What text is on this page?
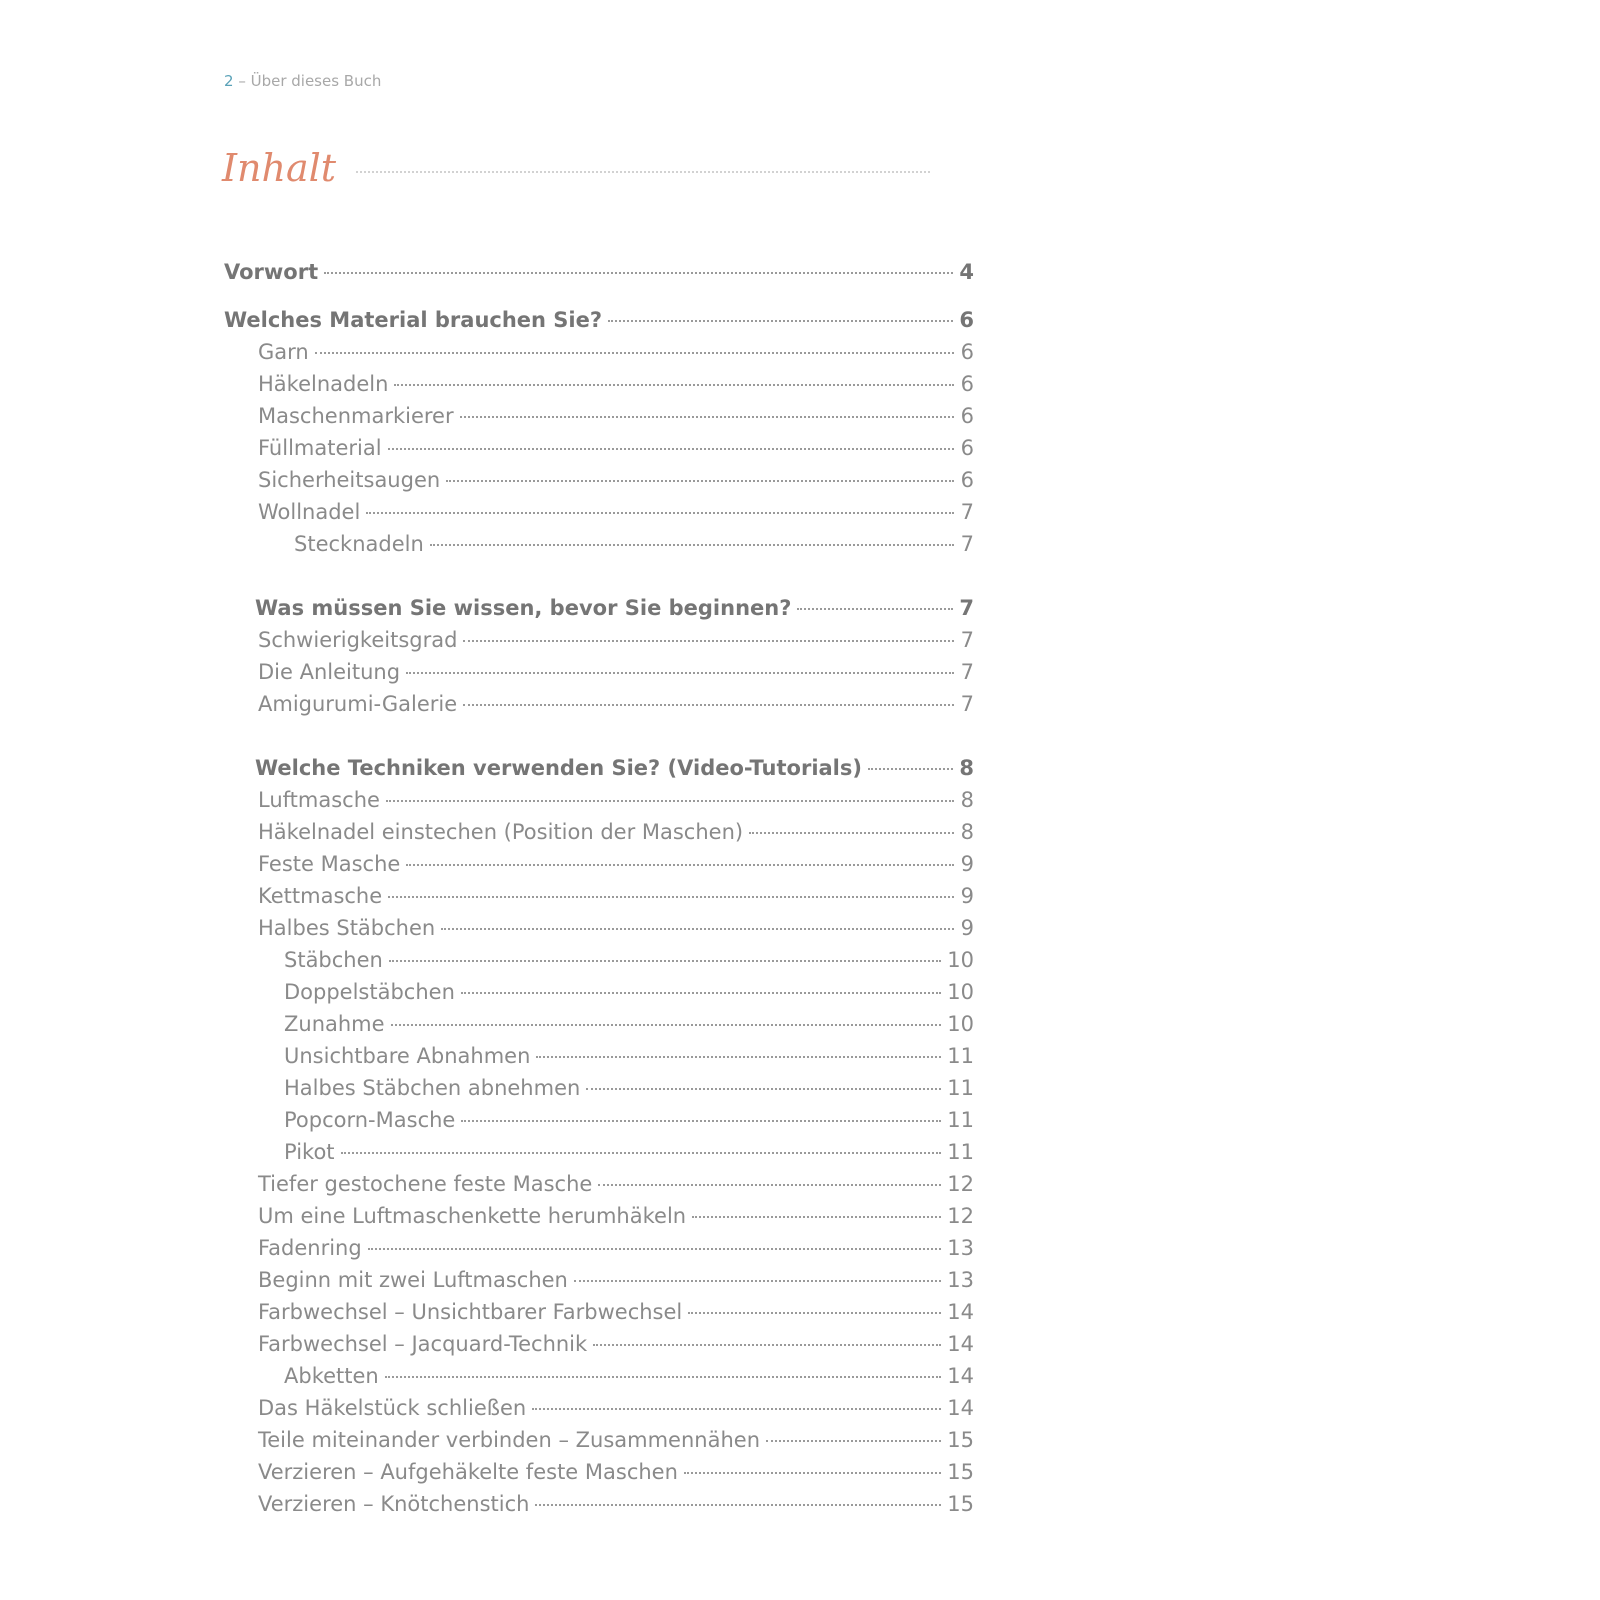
2 – Über dieses Buch
Inhalt
Vorwort	4
Welches Material brauchen Sie?	6
Garn	6
Häkelnadeln	6
Maschenmarkierer	6
Füllmaterial	6
Sicherheitsaugen	6
Wollnadel	7
Stecknadeln	7
Was müssen Sie wissen, bevor Sie beginnen?	7
Schwierigkeitsgrad	7
Die Anleitung	7
Amigurumi-Galerie	7
Welche Techniken verwenden Sie? (Video-Tutorials)	8
Luftmasche	8
Häkelnadel einstechen (Position der Maschen)	8
Feste Masche	9
Kettmasche	9
Halbes Stäbchen	9
Stäbchen	10
Doppelstäbchen	10
Zunahme	10
Unsichtbare Abnahmen	11
Halbes Stäbchen abnehmen	11
Popcorn-Masche	11
Pikot	11
Tiefer gestochene feste Masche	12
Um eine Luftmaschenkette herumhäkeln	12
Fadenring	13
Beginn mit zwei Luftmaschen	13
Farbwechsel – Unsichtbarer Farbwechsel	14
Farbwechsel – Jacquard-Technik	14
Abketten	14
Das Häkelstück schließen	14
Teile miteinander verbinden – Zusammennähen	15
Verzieren – Aufgehäkelte feste Maschen	15
Verzieren – Knötchenstich	15
